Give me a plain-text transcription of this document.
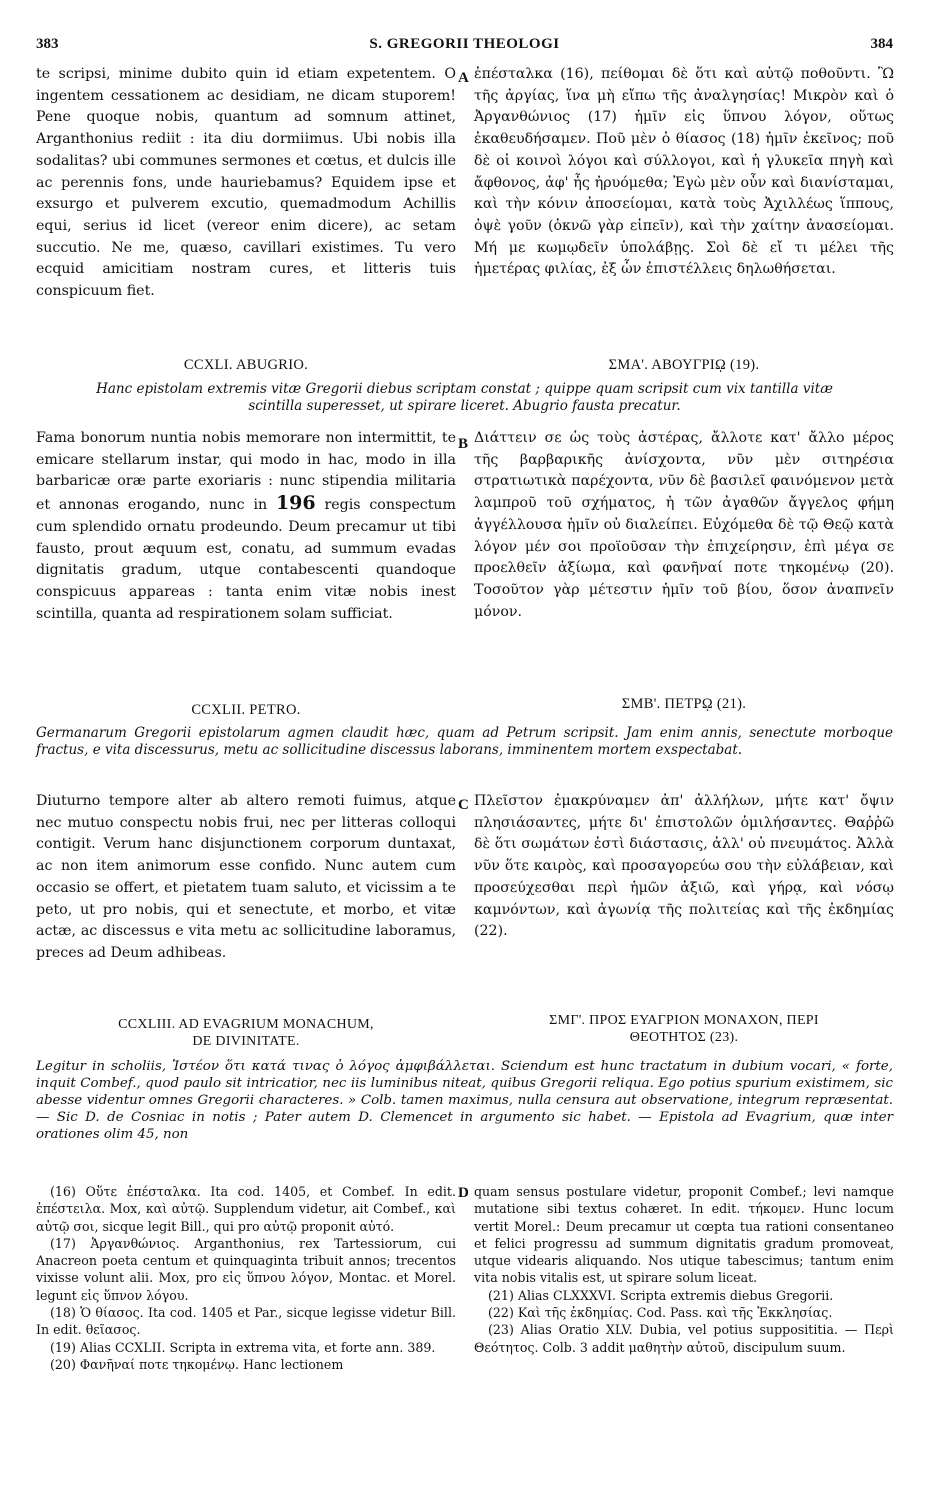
383	S. GREGORII THEOLOGI	384

te scripsi, minime dubito quin id etiam expetentem. O ingentem cessationem ac desidiam, ne dicam stuporem! Pene quoque nobis, quantum ad somnum attinet, Arganthonius rediit : ita diu dormiimus. Ubi nobis illa sodalitas? ubi communes sermones et cœtus, et dulcis ille ac perennis fons, unde hauriebamus? Equidem ipse et exsurgo et pulverem excutio, quemadmodum Achillis equi, serius id licet (vereor enim dicere), ac setam succutio. Ne me, quæso, cavillari existimes. Tu vero ecquid amicitiam nostram cures, et litteris tuis conspicuum fiet.

A ἐπέσταλκα (16), πείθομαι δὲ ὅτι καὶ αὐτῷ ποθοῦντι. Ὢ τῆς ἀργίας, ἵνα μὴ εἴπω τῆς ἀναλγησίας! Μικρὸν καὶ ὁ Ἀργανθώνιος (17) ἡμῖν εἰς ὕπνου λόγον, οὕτως ἐκαθευδήσαμεν. Ποῦ μὲν ὁ θίασος (18) ἡμῖν ἐκεῖνος; ποῦ δὲ οἱ κοινοὶ λόγοι καὶ σύλλογοι, καὶ ἡ γλυκεῖα πηγὴ καὶ ἄφθονος, ἀφ' ἧς ἠρυόμεθα; Ἐγὼ μὲν οὖν καὶ διανίσταμαι, καὶ τὴν κόνιν ἀποσείομαι, κατὰ τοὺς Ἀχιλλέως ἵππους, ὀψὲ γοῦν (ὀκνῶ γὰρ εἰπεῖν), καὶ τὴν χαίτην ἀνασείομαι. Μή με κωμῳδεῖν ὑπολάβῃς. Σοὶ δὲ εἴ τι μέλει τῆς ἡμετέρας φιλίας, ἐξ ὧν ἐπιστέλλεις δηλωθήσεται.

CCXLI. ABUGRIO.	ΣΜΑ'. ΑΒΟΥΓΡΙῼ (19).
Hanc epistolam extremis vitæ Gregorii diebus scriptam constat ; quippe quam scripsit cum vix tantilla vitæ
scintilla superesset, ut spirare liceret. Abugrio fausta precatur.

Fama bonorum nuntia nobis memorare non intermittit, te emicare stellarum instar, qui modo in hac, modo in illa barbaricæ oræ parte exoriaris : nunc stipendia militaria et annonas erogando, nunc in 196 regis conspectum cum splendido ornatu prodeundo. Deum precamur ut tibi fausto, prout æquum est, conatu, ad summum evadas dignitatis gradum, utque contabescenti quandoque conspicuus appareas : tanta enim vitæ nobis inest scintilla, quanta ad respirationem solam sufficiat.

B Διάττειν σε ὡς τοὺς ἀστέρας, ἄλλοτε κατ' ἄλλο μέρος τῆς βαρβαρικῆς ἀνίσχοντα, νῦν μὲν σιτηρέσια στρατιωτικὰ παρέχοντα, νῦν δὲ βασιλεῖ φαινόμενον μετὰ λαμπροῦ τοῦ σχήματος, ἡ τῶν ἀγαθῶν ἄγγελος φήμη ἀγγέλλουσα ἡμῖν οὐ διαλείπει. Εὐχόμεθα δὲ τῷ Θεῷ κατὰ λόγον μέν σοι προϊοῦσαν τὴν ἐπιχείρησιν, ἐπὶ μέγα σε προελθεῖν ἀξίωμα, καὶ φανῆναί ποτε τηκομένῳ (20). Τοσοῦτον γὰρ μέτεστιν ἡμῖν τοῦ βίου, ὅσον ἀναπνεῖν μόνον.

CCXLII. PETRO.	ΣΜΒ'. ΠΕΤΡῼ (21).

Germanarum Gregorii epistolarum agmen claudit hæc, quam ad Petrum scripsit. Jam enim annis, senectute morboque fractus, e vita discessurus, metu ac sollicitudine discessus laborans, imminentem mortem exspectabat.

Diuturno tempore alter ab altero remoti fuimus, atque nec mutuo conspectu nobis frui, nec per litteras colloqui contigit. Verum hanc disjunctionem corporum duntaxat, ac non item animorum esse confido. Nunc autem cum occasio se offert, et pietatem tuam saluto, et vicissim a te peto, ut pro nobis, qui et senectute, et morbo, et vitæ actæ, ac discessus e vita metu ac sollicitudine laboramus, preces ad Deum adhibeas.

C Πλεῖστον ἐμακρύναμεν ἀπ' ἀλλήλων, μήτε κατ' ὄψιν πλησιάσαντες, μήτε δι' ἐπιστολῶν ὁμιλήσαντες. Θαῤῥῶ δὲ ὅτι σωμάτων ἐστὶ διάστασις, ἀλλ' οὐ πνευμάτος. Ἀλλὰ νῦν ὅτε καιρὸς, καὶ προσαγορεύω σου τὴν εὐλάβειαν, καὶ προσεύχεσθαι περὶ ἡμῶν ἀξιῶ, καὶ γήρᾳ, καὶ νόσῳ καμνόντων, καὶ ἀγωνίᾳ τῆς πολιτείας καὶ τῆς ἐκδημίας (22).

CCXLIII. AD EVAGRIUM MONACHUM,
DE DIVINITATE.
ΣΜΓ'. ΠΡΟΣ ΕΥΑΓΡΙΟΝ ΜΟΝΑΧΟΝ, ΠΕΡΙ
ΘΕΟΤΗΤΟΣ (23).

Legitur in scholiis, Ἰστέον ὅτι κατά τινας ὁ λόγος ἀμφιβάλλεται. Sciendum est hunc tractatum in dubium vocari, « forte, inquit Combef., quod paulo sit intricatior, nec iis luminibus niteat, quibus Gregorii reliqua. Ego potius spurium existimem, sic abesse videntur omnes Gregorii characteres. » Colb. tamen maximus, nulla censura aut observatione, integrum repræsentat. — Sic D. de Cosniac in notis ; Pater autem D. Clemencet in argumento sic habet. — Epistola ad Evagrium, quæ inter orationes olim 45, non

(16) Οὕτε ἐπέσταλκα. Ita cod. 1405, et Combef. In edit. ἐπέστειλα. Mox, καὶ αὐτῷ. Supplendum videtur, ait Combef., καὶ αὐτῷ σοι, sicque legit Bill., qui pro αὐτῷ proponit αὐτό.

(17) Ἀργανθώνιος. Arganthonius, rex Tartessiorum, cui Anacreon poeta centum et quinquaginta tribuit annos; trecentos vixisse volunt alii. Mox, pro εἰς ὕπνου λόγον, Montac. et Morel. legunt εἰς ὕπνον λόγου.

(18) Ὁ θίασος. Ita cod. 1405 et Par., sicque legisse videtur Bill. In edit. θεῖασος.

(19) Alias CCXLII. Scripta in extrema vita, et forte ann. 389.

(20) Φανῆναί ποτε τηκομένῳ. Hanc lectionem

D quam sensus postulare videtur, proponit Combef.; levi namque mutatione sibi textus cohæret. In edit. τήκομεν. Hunc locum vertit Morel.: Deum precamur ut cœpta tua rationi consentaneo et felici progressu ad summum dignitatis gradum promoveat, utque videaris aliquando. Nos utique tabescimus; tantum enim vita nobis vitalis est, ut spirare solum liceat.

(21) Alias CLXXXVI. Scripta extremis diebus Gregorii.

(22) Καὶ τῆς ἐκδημίας. Cod. Pass. καὶ τῆς Ἐκκλησίας.

(23) Alias Oratio XLV. Dubia, vel potius supposititia. — Περὶ Θεότητος. Colb. 3 addit μαθητὴν αὐτοῦ, discipulum suum.
